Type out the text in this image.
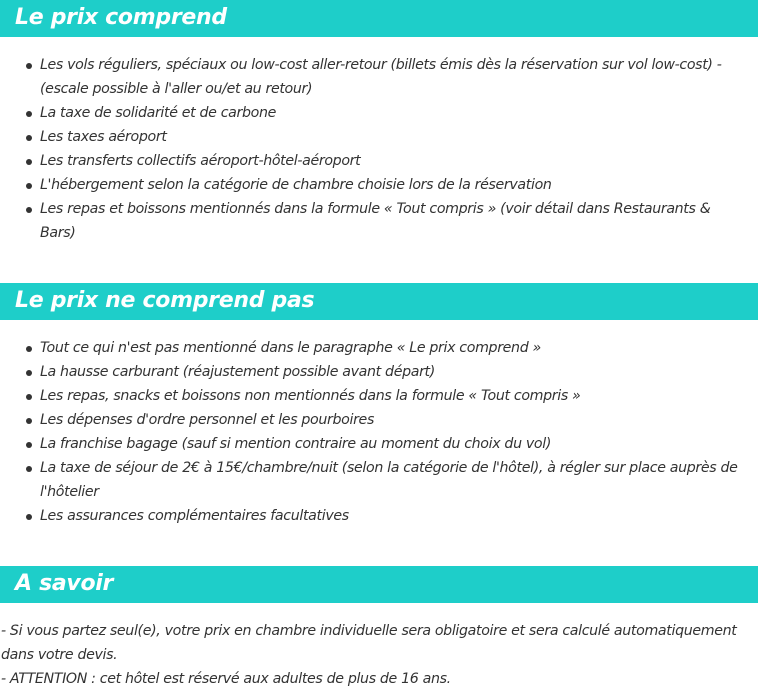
Le prix comprend
Les vols réguliers, spéciaux ou low-cost aller-retour (billets émis dès la réservation sur vol low-cost) - (escale possible à l'aller ou/et au retour)
La taxe de solidarité et de carbone
Les taxes aéroport
Les transferts collectifs aéroport-hôtel-aéroport
L'hébergement selon la catégorie de chambre choisie lors de la réservation
Les repas et boissons mentionnés dans la formule « Tout compris » (voir détail dans Restaurants & Bars)
Le prix ne comprend pas
Tout ce qui n'est pas mentionné dans le paragraphe « Le prix comprend »
La hausse carburant (réajustement possible avant départ)
Les repas, snacks et boissons non mentionnés dans la formule « Tout compris »
Les dépenses d'ordre personnel et les pourboires
La franchise bagage (sauf si mention contraire au moment du choix du vol)
La taxe de séjour de 2€ à 15€/chambre/nuit (selon la catégorie de l'hôtel), à régler sur place auprès de l'hôtelier
Les assurances complémentaires facultatives
A savoir

- Si vous partez seul(e), votre prix en chambre individuelle sera obligatoire et sera calculé automatiquement dans votre devis.

- ATTENTION : cet hôtel est réservé aux adultes de plus de 16 ans.
